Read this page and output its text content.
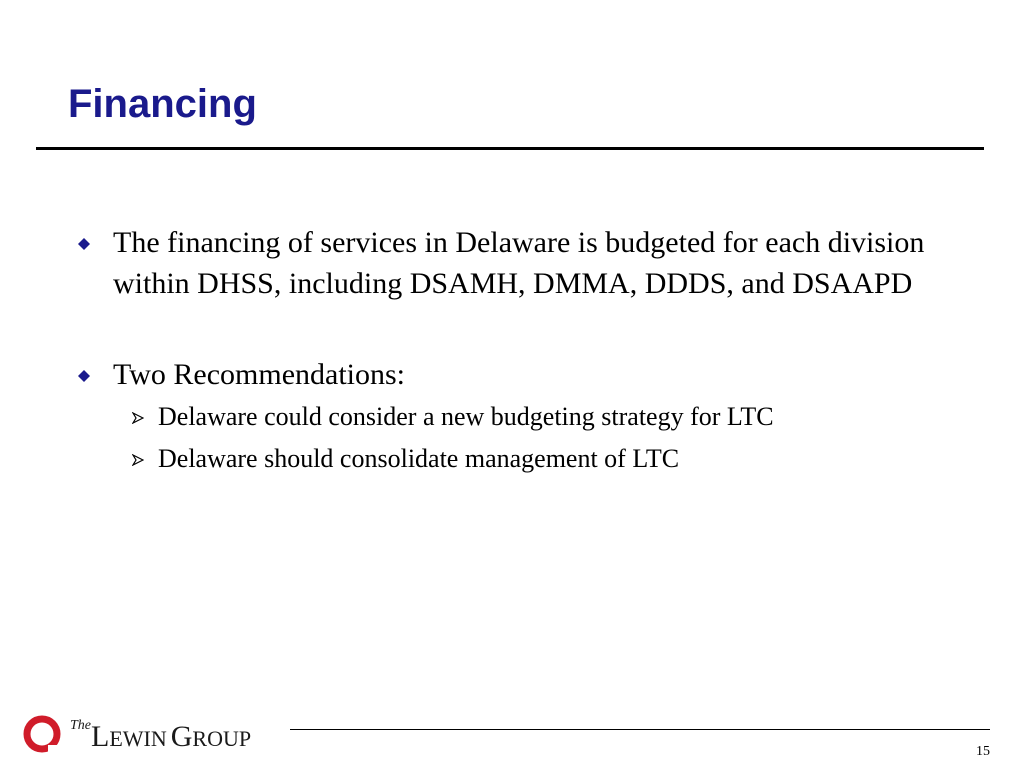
Financing
The financing of services in Delaware is budgeted for each division within DHSS, including DSAMH, DMMA, DDDS, and DSAAPD
Two Recommendations:
Delaware could consider a new budgeting strategy for LTC
Delaware should consolidate management of LTC
TheLEWIN GROUP
15
